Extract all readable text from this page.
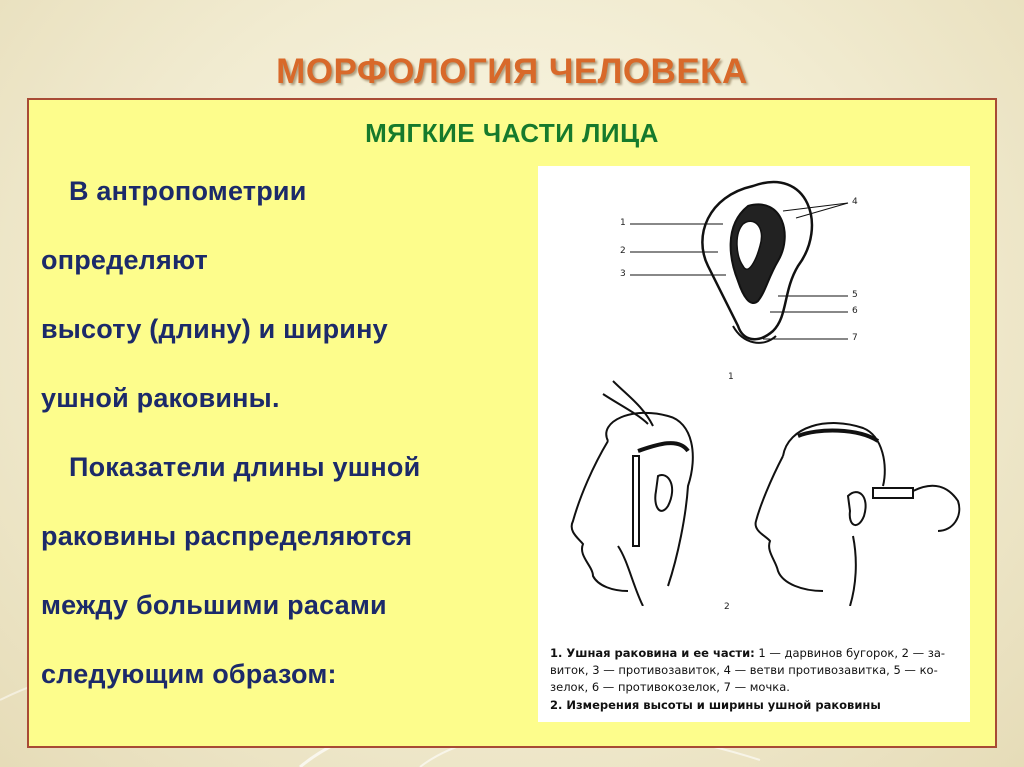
МОРФОЛОГИЯ ЧЕЛОВЕКА
МЯГКИЕ ЧАСТИ ЛИЦА
В антропометрии
определяют
высоту (длину) и ширину
ушной раковины.
Показатели длины ушной
раковины распределяются
между большими расами
следующим образом:
1
2
3
4
5
6
7
1
2
1. Ушная раковина и ее части: 1 — дарвинов бугорок, 2 — за-
виток, 3 — противозавиток, 4 — ветви противозавитка, 5 — ко-
зелок, 6 — противокозелок, 7 — мочка.
2. Измерения высоты и ширины ушной раковины
